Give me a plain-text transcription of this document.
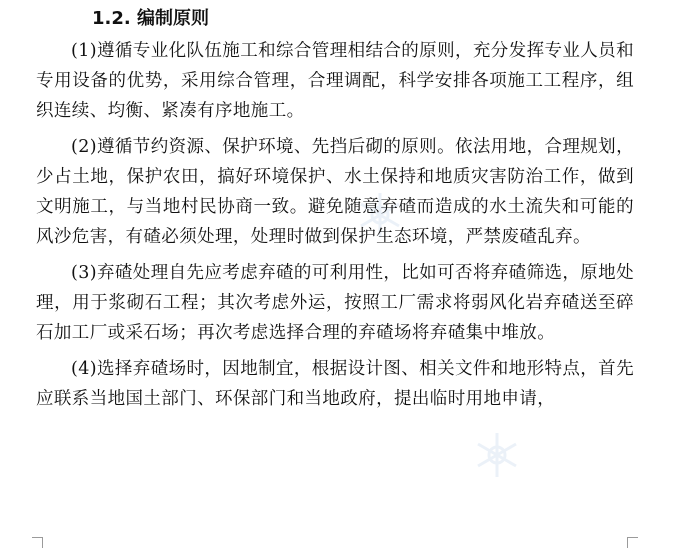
1.2. 编制原则

(1)遵循专业化队伍施工和综合管理相结合的原则，充分发挥专业人员和专用设备的优势，采用综合管理，合理调配，科学安排各项施工工程序，组织连续、均衡、紧凑有序地施工。

(2)遵循节约资源、保护环境、先挡后砌的原则。依法用地，合理规划，少占土地，保护农田，搞好环境保护、水土保持和地质灾害防治工作，做到文明施工，与当地村民协商一致。避免随意弃碴而造成的水土流失和可能的风沙危害，有碴必须处理，处理时做到保护生态环境，严禁废碴乱弃。

(3)弃碴处理自先应考虑弃碴的可利用性，比如可否将弃碴筛选，原地处理，用于浆砌石工程；其次考虑外运，按照工厂需求将弱风化岩弃碴送至碎石加工厂或采石场；再次考虑选择合理的弃碴场将弃碴集中堆放。

(4)选择弃碴场时，因地制宜，根据设计图、相关文件和地形特点，首先应联系当地国土部门、环保部门和当地政府，提出临时用地申请，
